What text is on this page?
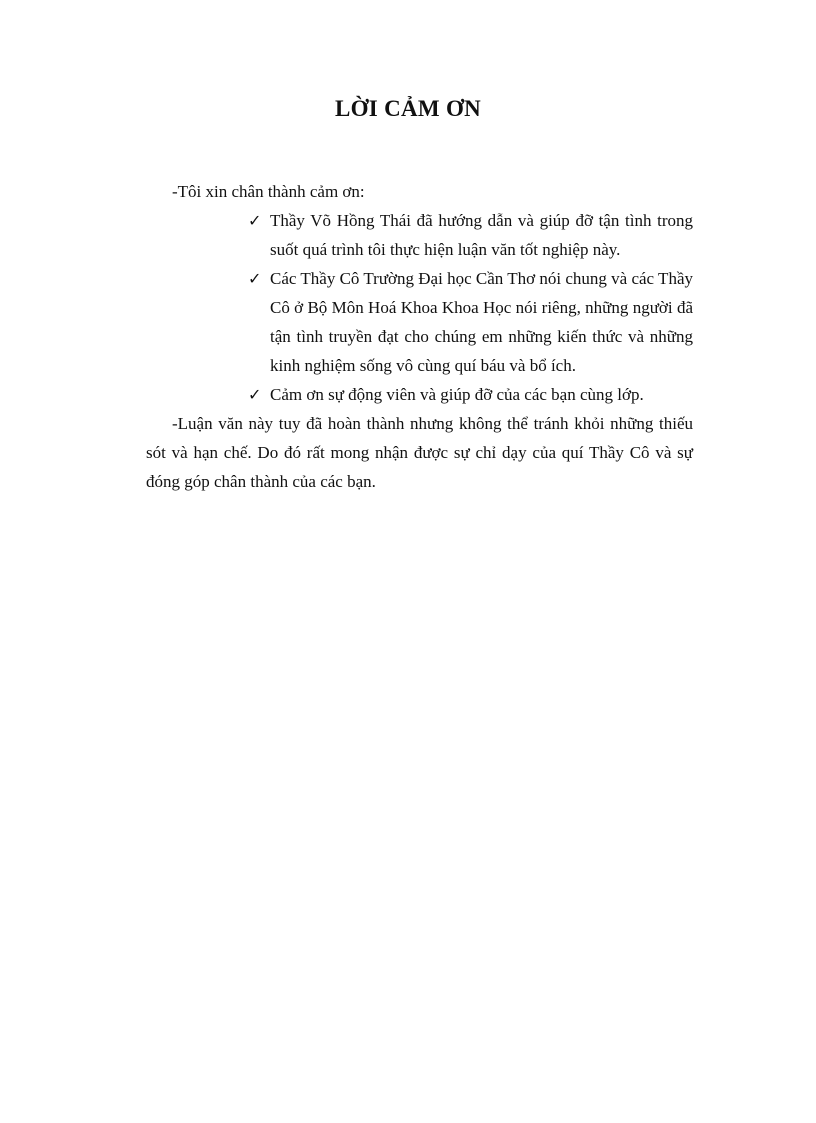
LỜI CẢM ƠN

-Tôi xin chân thành cảm ơn:

✓ Thầy Võ Hồng Thái đã hướng dẫn và giúp đỡ tận tình trong suốt quá trình tôi thực hiện luận văn tốt nghiệp này.
✓ Các Thầy Cô Trường Đại học Cần Thơ nói chung và các Thầy Cô ở Bộ Môn Hoá Khoa Khoa Học nói riêng, những người đã tận tình truyền đạt cho chúng em những kiến thức và những kinh nghiệm sống vô cùng quí báu và bổ ích.
✓ Cảm ơn sự động viên và giúp đỡ của các bạn cùng lớp.

-Luận văn này tuy đã hoàn thành nhưng không thể tránh khỏi những thiếu sót và hạn chế. Do đó rất mong nhận được sự chỉ dạy của quí Thầy Cô và sự đóng góp chân thành của các bạn.
